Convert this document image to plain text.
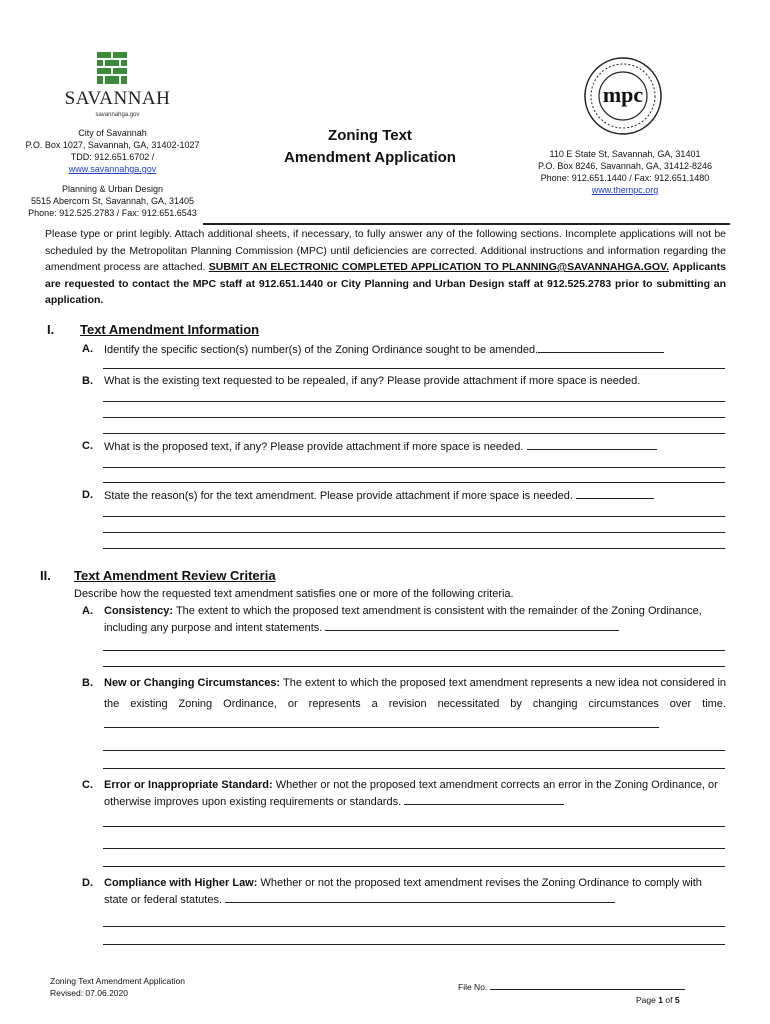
SAVANNAH
savannahga.gov
City of Savannah
P.O. Box 1027, Savannah, GA, 31402-1027
TDD: 912.651.6702 /
www.savannahga.gov
Planning & Urban Design
5515 Abercorn St, Savannah, GA, 31405
Phone: 912.525.2783 / Fax: 912.651.6543
Zoning Text
Amendment Application
mpc
110 E State St, Savannah, GA, 31401
P.O. Box 8246, Savannah, GA, 31412-8246
Phone: 912.651.1440 / Fax: 912.651.1480
www.thempc.org
Please type or print legibly. Attach additional sheets, if necessary, to fully answer any of the following sections. Incomplete applications will not be scheduled by the Metropolitan Planning Commission (MPC) until deficiencies are corrected. Additional instructions and information regarding the amendment process are attached. SUBMIT AN ELECTRONIC COMPLETED APPLICATION TO PLANNING@SAVANNAHGA.GOV. Applicants are requested to contact the MPC staff at 912.651.1440 or City Planning and Urban Design staff at 912.525.2783 prior to submitting an application.
I. Text Amendment Information
A. Identify the specific section(s) number(s) of the Zoning Ordinance sought to be amended.
B. What is the existing text requested to be repealed, if any? Please provide attachment if more space is needed.
C. What is the proposed text, if any? Please provide attachment if more space is needed.
D. State the reason(s) for the text amendment. Please provide attachment if more space is needed.
II. Text Amendment Review Criteria
Describe how the requested text amendment satisfies one or more of the following criteria.
A. Consistency: The extent to which the proposed text amendment is consistent with the remainder of the Zoning Ordinance, including any purpose and intent statements.
B. New or Changing Circumstances: The extent to which the proposed text amendment represents a new idea not considered in the existing Zoning Ordinance, or represents a revision necessitated by changing circumstances over time.
C. Error or Inappropriate Standard: Whether or not the proposed text amendment corrects an error in the Zoning Ordinance, or otherwise improves upon existing requirements or standards.
D. Compliance with Higher Law: Whether or not the proposed text amendment revises the Zoning Ordinance to comply with state or federal statutes.
Zoning Text Amendment Application
Revised: 07.06.2020
File No.
Page 1 of 5
